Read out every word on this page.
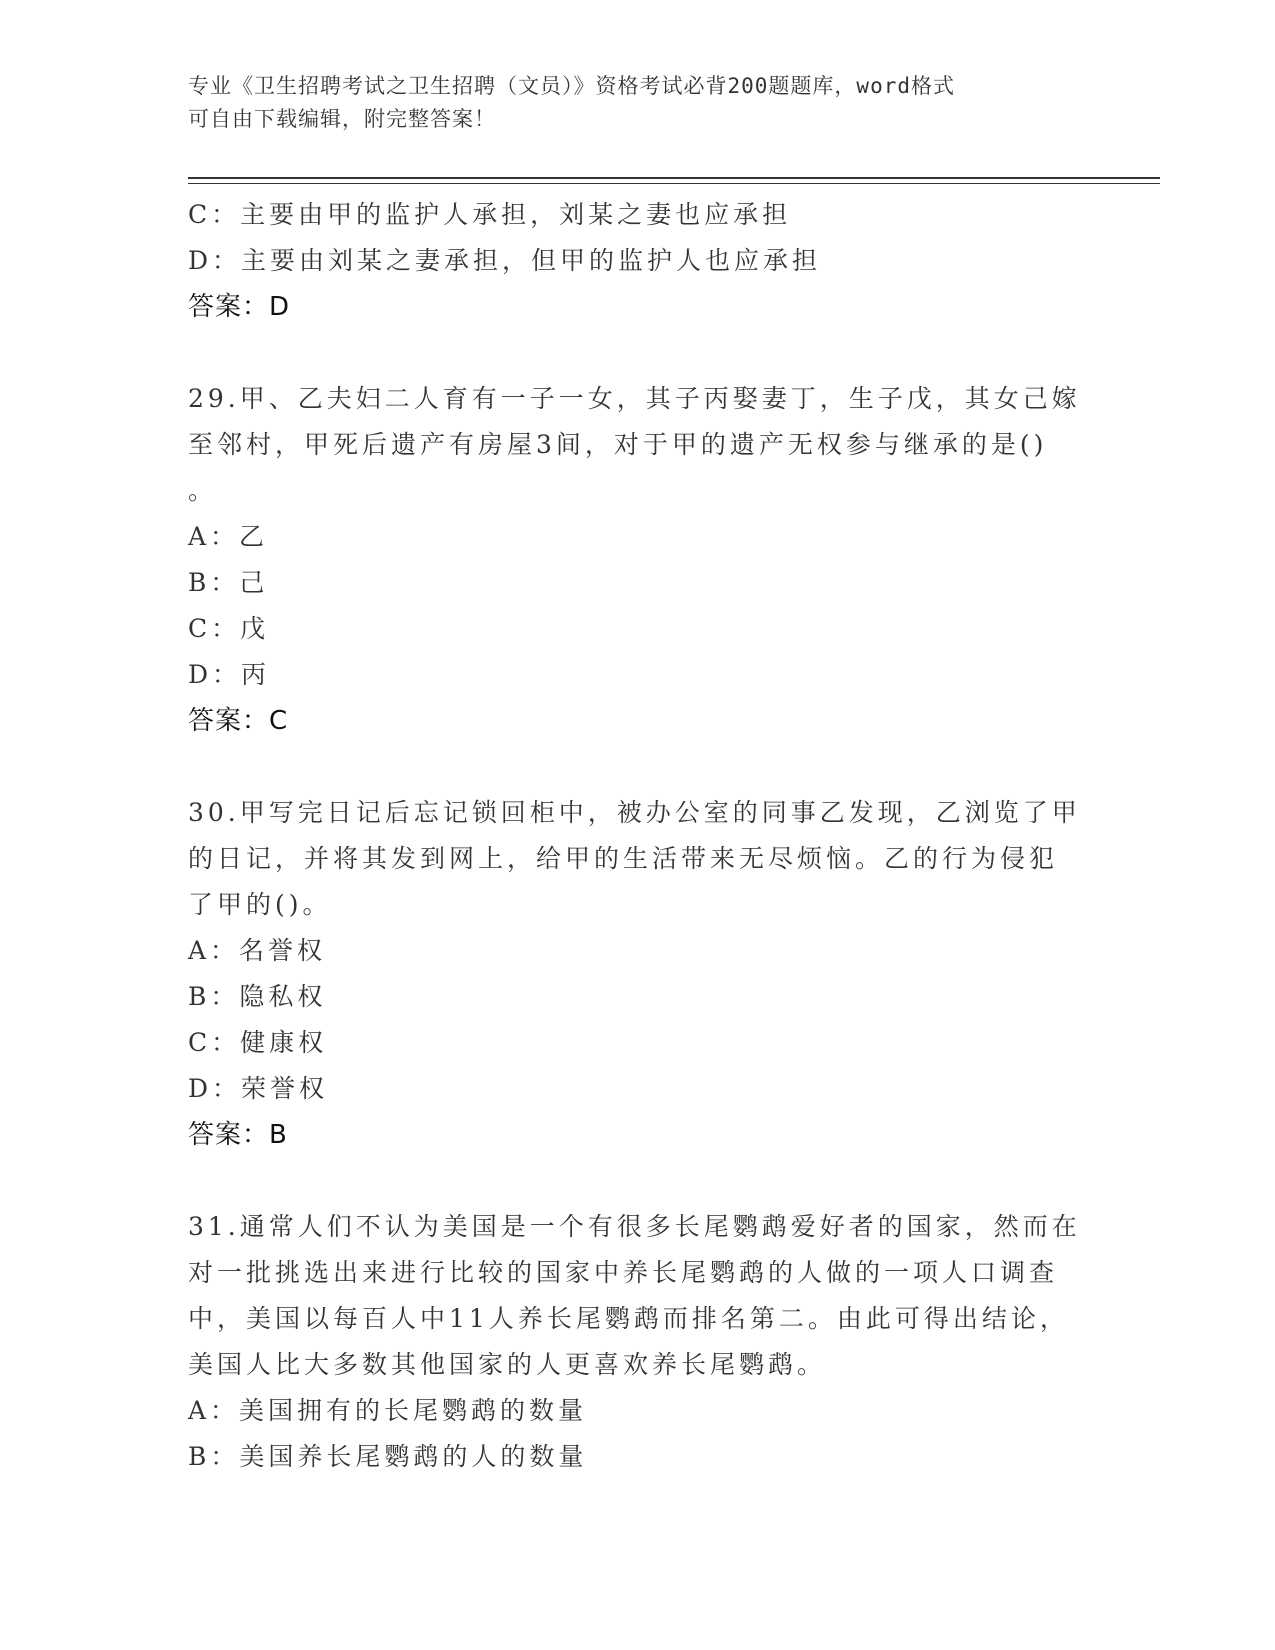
专业《卫生招聘考试之卫生招聘（文员）》资格考试必背200题题库，word格式
可自由下载编辑，附完整答案！
C：主要由甲的监护人承担，刘某之妻也应承担
D：主要由刘某之妻承担，但甲的监护人也应承担
答案：D
29.甲、乙夫妇二人育有一子一女，其子丙娶妻丁，生子戊，其女己嫁
至邻村，甲死后遗产有房屋3间，对于甲的遗产无权参与继承的是()
。
A：乙
B：己
C：戊
D：丙
答案：C
30.甲写完日记后忘记锁回柜中，被办公室的同事乙发现，乙浏览了甲
的日记，并将其发到网上，给甲的生活带来无尽烦恼。乙的行为侵犯
了甲的()。
A：名誉权
B：隐私权
C：健康权
D：荣誉权
答案：B
31.通常人们不认为美国是一个有很多长尾鹦鹉爱好者的国家，然而在
对一批挑选出来进行比较的国家中养长尾鹦鹉的人做的一项人口调查
中，美国以每百人中11人养长尾鹦鹉而排名第二。由此可得出结论，
美国人比大多数其他国家的人更喜欢养长尾鹦鹉。
A：美国拥有的长尾鹦鹉的数量
B：美国养长尾鹦鹉的人的数量
